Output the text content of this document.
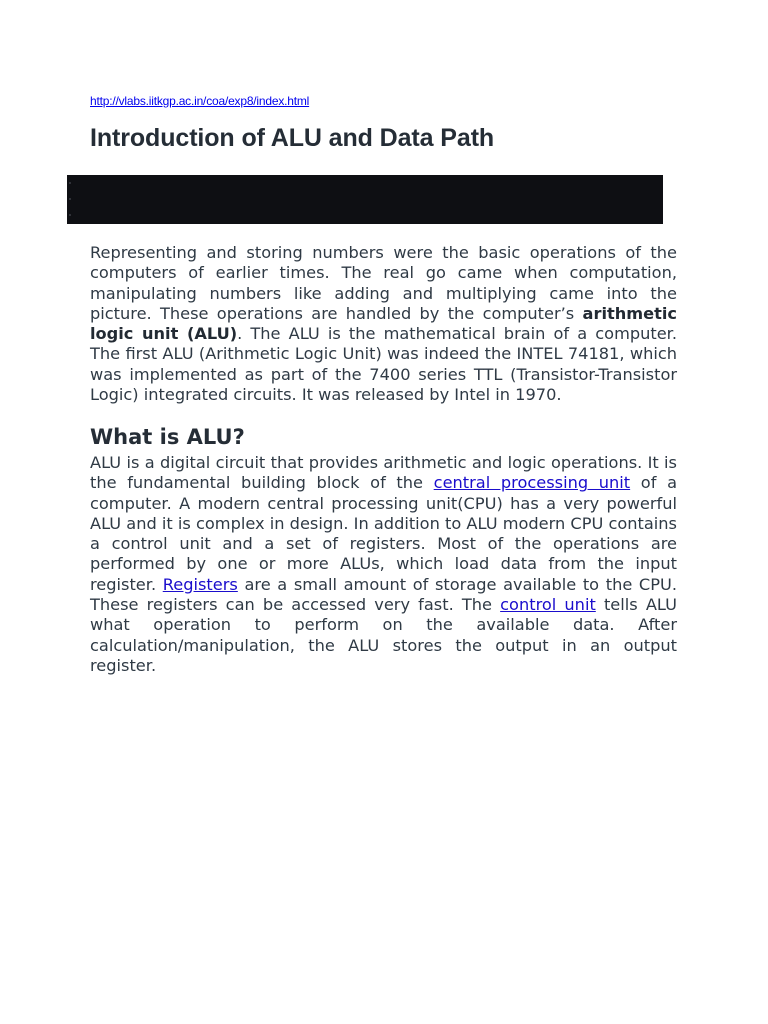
http://vlabs.iitkgp.ac.in/coa/exp8/index.html
Introduction of ALU and Data Path

Representing and storing numbers were the basic operations of the computers of earlier times. The real go came when computation, manipulating numbers like adding and multiplying came into the picture. These operations are handled by the computer’s arithmetic logic unit (ALU). The ALU is the mathematical brain of a computer. The first ALU (Arithmetic Logic Unit) was indeed the INTEL 74181, which was implemented as part of the 7400 series TTL (Transistor-Transistor Logic) integrated circuits. It was released by Intel in 1970.

What is ALU?

ALU is a digital circuit that provides arithmetic and logic operations. It is the fundamental building block of the central processing unit of a computer. A modern central processing unit(CPU) has a very powerful ALU and it is complex in design. In addition to ALU modern CPU contains a control unit and a set of registers. Most of the operations are performed by one or more ALUs, which load data from the input register. Registers are a small amount of storage available to the CPU. These registers can be accessed very fast. The control unit tells ALU what operation to perform on the available data. After calculation/manipulation, the ALU stores the output in an output register.
